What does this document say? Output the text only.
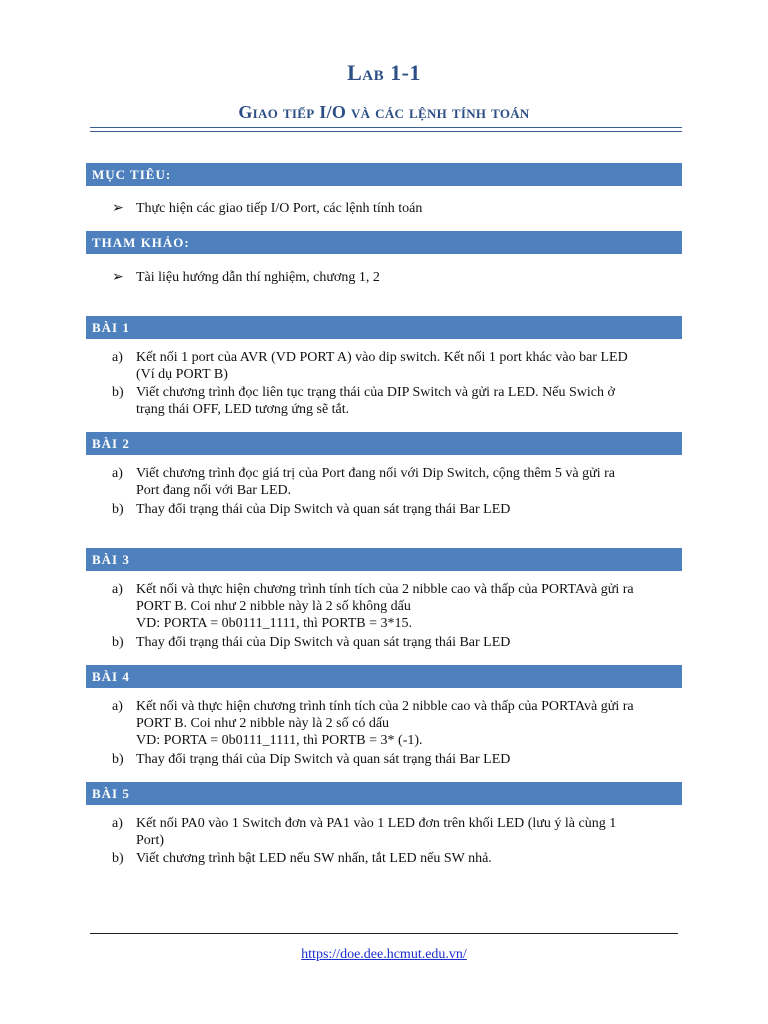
Lab 1-1
Giao tiếp I/O và các lệnh tính toán
MỤC TIÊU:
➢ Thực hiện các giao tiếp I/O Port, các lệnh tính toán
THAM KHẢO:
➢ Tài liệu hướng dẫn thí nghiệm, chương 1, 2
BÀI 1
a) Kết nối 1 port của AVR (VD PORT A) vào dip switch. Kết nối 1 port khác vào bar LED
(Ví dụ PORT B)
b) Viết chương trình đọc liên tục trạng thái của DIP Switch và gửi ra LED. Nếu Swich ở
trạng thái OFF, LED tương ứng sẽ tắt.
BÀI 2
a) Viết chương trình đọc giá trị của Port đang nối với Dip Switch, cộng thêm 5 và gửi ra
Port đang nối với Bar LED.
b) Thay đổi trạng thái của Dip Switch và quan sát trạng thái Bar LED
BÀI 3
a) Kết nối và thực hiện chương trình tính tích của 2 nibble cao và thấp của PORTAvà gửi ra
PORT B. Coi như 2 nibble này là 2 số không dấu
VD: PORTA = 0b0111_1111, thì PORTB = 3*15.
b) Thay đổi trạng thái của Dip Switch và quan sát trạng thái Bar LED
BÀI 4
a) Kết nối và thực hiện chương trình tính tích của 2 nibble cao và thấp của PORTAvà gửi ra
PORT B. Coi như 2 nibble này là 2 số có dấu
VD: PORTA = 0b0111_1111, thì PORTB = 3* (-1).
b) Thay đổi trạng thái của Dip Switch và quan sát trạng thái Bar LED
BÀI 5
a) Kết nối PA0 vào 1 Switch đơn và PA1 vào 1 LED đơn trên khối LED (lưu ý là cùng 1
Port)
b) Viết chương trình bật LED nếu SW nhấn, tắt LED nếu SW nhả.
https://doe.dee.hcmut.edu.vn/
